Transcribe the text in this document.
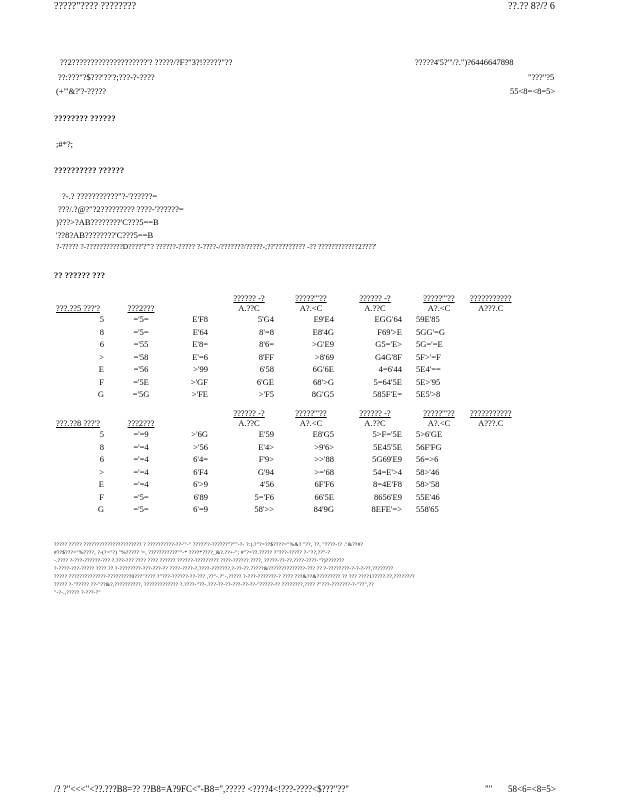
?????"???? ????????	??.?? 8?/? 6
??2????????????????????'? ?????/?F?"3?!?????"??	?????4'5?'"/?.")?6446647898
??:???"?$???'??'?;???-?-????	"???"?5
(+'"&?'?-?????	55<8=<8=5>
???????? ??????
;#*?;
?????????? ??????
?-.? ???????????"?-'??????=
???/.?@?"?2????????? ????-'??????=
)???>?AB????????'C???5==B
'??8?AB????????'C???5==B
?-????? ?-???????????D????'?"'? ??????-????? ?-????-/???????/?????-;??'????????? -?? ????????????2????'
?? ?????? ???
			?????? -?	?????'"??	?????? -?	?????'"??	???????????
???.??5 ???'?	???2???		A.??C	A?.<C	A.??C	A?.<C	A???.C
5	='5=	E'F8	5'G4	E9'E4	EGG'64	59E'85	
8	='5=	E'64	8'=8	E8'4G	F69'>E	5GG'=G	
6	='55	E'8=	8'6=	>G'E9	G5='E>	5G='=E	
>	='58	E'=6	8'FF	>8'69	G4G'8F	5F>'=F	
E	='56	>'99	6'58	6G'6E	4=6'44	5E4'==	
F	='5E	>'GF	6'GE	68'>G	5=64'5E	5E>'95	
G	='5G	>'FE	>'F5	8G'G5	585F'E=	5E5'>8	
			?????? -?	?????'"??	?????? -?	?????'"??	???????????
???.??8 ???'?	???2???		A.??C	A?.<C	A.??C	A?.<C	A???.C
5	='=9	>'6G	E'59	E8'G5	5>F='5E	5>6'GE	
8	='=4	>'56	E'4>	>9'6>	5E45'5E	56F'FG	
6	='=4	6'4=	F'9>	>>'88	5G69'E9	56=>6	
>	='=4	6'F4	G'94	>='68	54=E'>4	58>'46	
E	='=4	6'>9	4'56	6F'F6	8=4E'F8	58>'58	
F	='5=	6'89	5='F6	66'5E	8656'E9	55E'46	
G	='5=	6'=9	58'>>	84'9G	8EFE'=>	558'65	
????? ????? ?????????????????????? ? ??????????-??-'"-" ?????'?-??????"?""-?- ?:).?"?=??$????="%&? "??, ??, "????-!? ."&??#?
#??$???="%????, ?-(?="?) "%????? '=, ???????????""-* ????*????_&?.??+-"; #"?=??.????? ?"???-????? ?-"??,??"-?
-.???? ?-???-??????-??? ?.???-??? ???? ???? ?????? ??????-????????? ????-?????? ????, ?????-??-??.????-????-"?)???????
?-????-???-????? ???? ?? ?-????????-???-???-?? ????-????-?,????-???????,?-??-??.?????&??????????????-??? ?? ?-????????-?-?-?-??,????????
????? ??????????????-?????????0???"???? ?"???-??????-??-??? ,??"-.?"-,????? ?-???-???????-? ???? ???&??&????????? ?? ??? ????1?????.??,????????
????? ?-"????? ??-"??&?,??????????, ????????????? ?.????-"??-.???-??-??-???-??-??-"?????-?? ????????,???? ?"???-???????-?-"??",??
"-?-.,????? ?-???-?"
/? ?"<<<"<??.???B8=?? ??B8=A?9FC<"-B8=",????? <????4<!???-????<$???"??"	"" 58<6=<8=5>
